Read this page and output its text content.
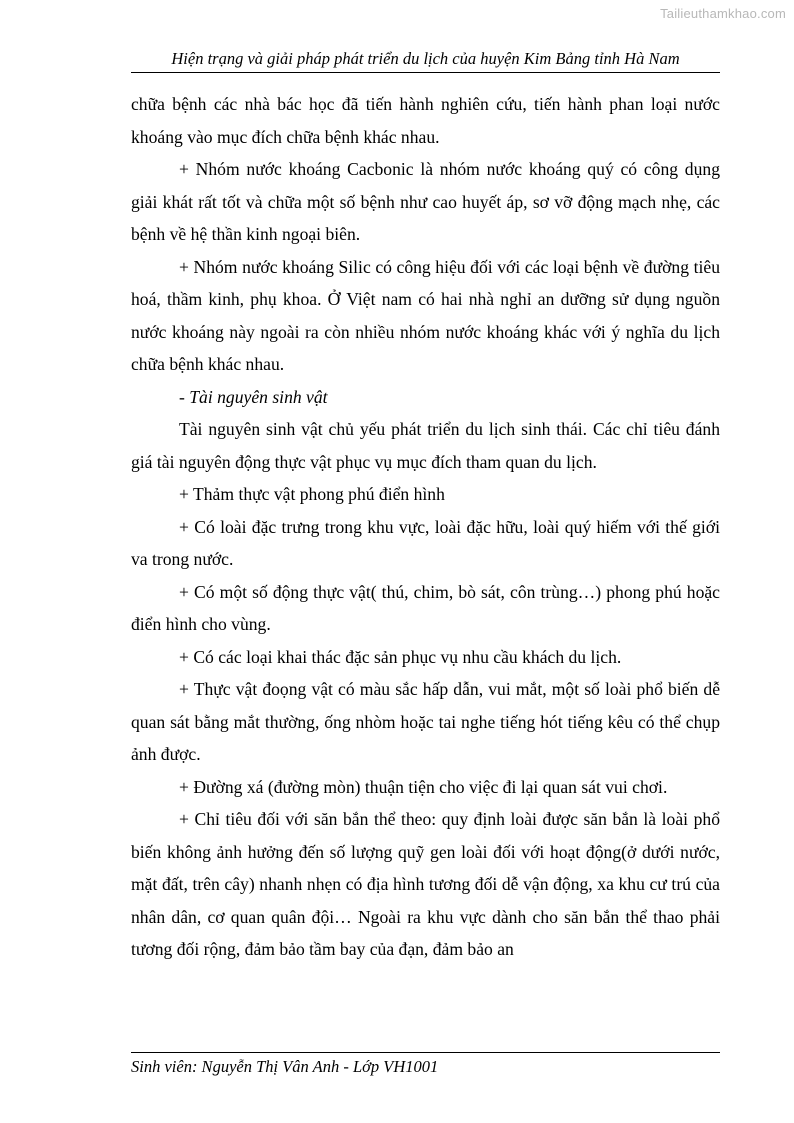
Tailieuthamkhao.com
Hiện trạng và giải pháp phát triển du lịch của huyện Kim Bảng tỉnh Hà Nam

chữa bệnh các nhà bác học đã tiến hành nghiên cứu, tiến hành phan loại nước khoáng vào mục đích chữa bệnh khác nhau.

+ Nhóm nước khoáng Cacbonic là nhóm nước khoáng quý có công dụng giải khát rất tốt và chữa một số bệnh như cao huyết áp, sơ vỡ động mạch nhẹ, các bệnh về hệ thần kinh ngoại biên.

+ Nhóm nước khoáng Silic có công hiệu đối với các loại bệnh về đường tiêu hoá, thầm kinh, phụ khoa. Ở Việt nam có hai nhà nghỉ an dưỡng sử dụng nguồn nước khoáng này ngoài ra còn nhiều nhóm nước khoáng khác với ý nghĩa du lịch chữa bệnh khác nhau.

- Tài nguyên sinh vật

Tài nguyên sinh vật chủ yếu phát triển du lịch sinh thái. Các chỉ tiêu đánh giá tài nguyên động thực vật phục vụ mục đích tham quan du lịch.

+ Thảm thực vật phong phú điển hình

+ Có loài đặc trưng trong khu vực, loài đặc hữu, loài quý hiếm với thế giới va trong nước.

+ Có một số động thực vật( thú, chim, bò sát, côn trùng…) phong phú hoặc điển hình cho vùng.

+ Có các loại khai thác đặc sản phục vụ nhu cầu khách du lịch.

+ Thực vật đoọng vật có màu sắc hấp dẫn, vui mắt, một số loài phổ biến dễ quan sát bằng mắt thường, ống nhòm hoặc tai nghe tiếng hót tiếng kêu có thể chụp ảnh được.

+ Đường xá (đường mòn) thuận tiện cho việc đi lại quan sát vui chơi.

+ Chỉ tiêu đối với săn bắn thể theo: quy định loài được săn bắn là loài phổ biến không ảnh hưởng đến số lượng quỹ gen loài đối với hoạt động(ở dưới nước, mặt đất, trên cây) nhanh nhẹn có địa hình tương đối dễ vận động, xa khu cư trú của nhân dân, cơ quan quân đội… Ngoài ra khu vực dành cho săn bắn thể thao phải tương đối rộng, đảm bảo tầm bay của đạn, đảm bảo an

Sinh viên: Nguyễn Thị Vân Anh - Lớp VH1001
